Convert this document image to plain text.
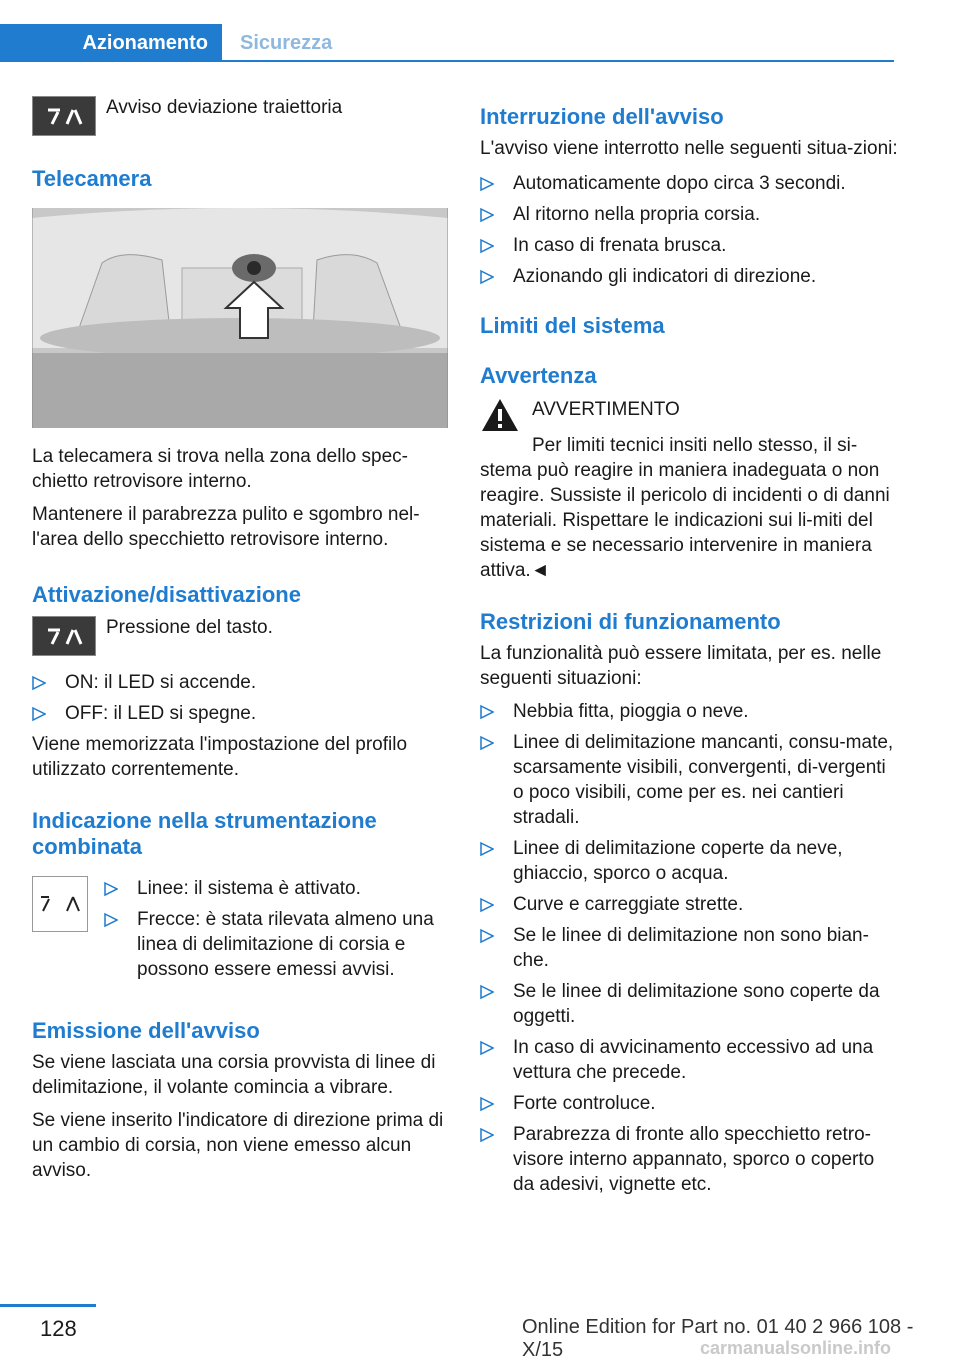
Azionamento	Sicurezza
Avviso deviazione traiettoria
Telecamera

La telecamera si trova nella zona dello spec-chietto retrovisore interno.

Mantenere il parabrezza pulito e sgombro nel-l'area dello specchietto retrovisore interno.

Attivazione/disattivazione
Pressione del tasto.
ON: il LED si accende.
OFF: il LED si spegne.

Viene memorizzata l'impostazione del profilo utilizzato correntemente.

Indicazione nella strumentazione combinata
Linee: il sistema è attivato.
Frecce: è stata rilevata almeno una linea di delimitazione di corsia e possono essere emessi avvisi.
Emissione dell'avviso

Se viene lasciata una corsia provvista di linee di delimitazione, il volante comincia a vibrare.

Se viene inserito l'indicatore di direzione prima di un cambio di corsia, non viene emesso alcun avviso.

Interruzione dell'avviso

L'avviso viene interrotto nelle seguenti situa-zioni:

Automaticamente dopo circa 3 secondi.
Al ritorno nella propria corsia.
In caso di frenata brusca.
Azionando gli indicatori di direzione.
Limiti del sistema
Avvertenza
AVVERTIMENTO

Per limiti tecnici insiti nello stesso, il si-stema può reagire in maniera inadeguata o non reagire. Sussiste il pericolo di incidenti o di danni materiali. Rispettare le indicazioni sui li-miti del sistema e se necessario intervenire in maniera attiva.◄

Restrizioni di funzionamento

La funzionalità può essere limitata, per es. nelle seguenti situazioni:

Nebbia fitta, pioggia o neve.
Linee di delimitazione mancanti, consu-mate, scarsamente visibili, convergenti, di-vergenti o poco visibili, come per es. nei cantieri stradali.
Linee di delimitazione coperte da neve, ghiaccio, sporco o acqua.
Curve e carreggiate strette.
Se le linee di delimitazione non sono bian-che.
Se le linee di delimitazione sono coperte da oggetti.
In caso di avvicinamento eccessivo ad una vettura che precede.
Forte controluce.
Parabrezza di fronte allo specchietto retro-visore interno appannato, sporco o coperto da adesivi, vignette etc.
128	Online Edition for Part no. 01 40 2 966 108 - X/15	carmanualsonline.info
